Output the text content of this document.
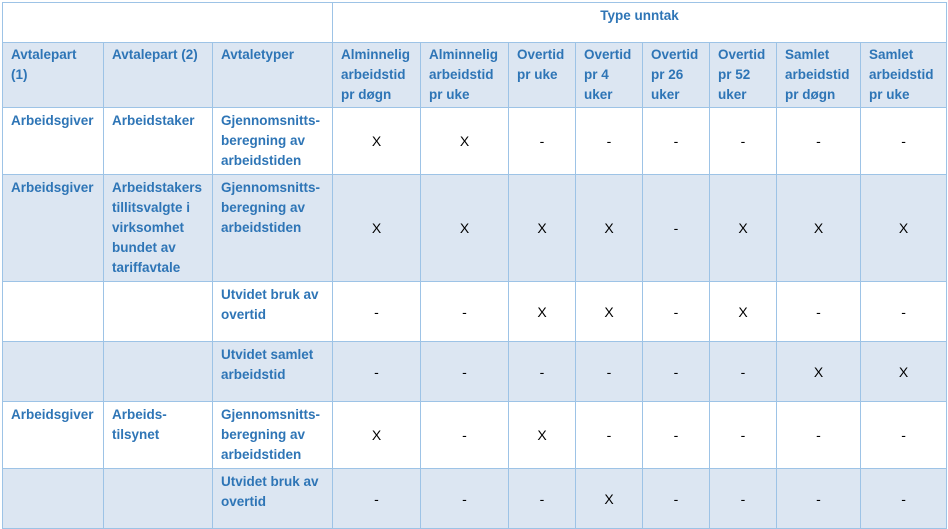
			Type unntak							
Avtalepart (1)	Avtalepart (2)	Avtaletyper	Alminnelig arbeidstid pr døgn	Alminnelig arbeidstid pr uke	Overtid pr uke	Overtid pr 4 uker	Overtid pr 26 uker	Overtid pr 52 uker	Samlet arbeidstid pr døgn	Samlet arbeidstid pr uke
Arbeidsgiver	Arbeidstaker	Gjennomsnitts-beregning av arbeidstiden	X	X	-	-	-	-	-	-
Arbeidsgiver	Arbeidstakers tillitsvalgte i virksomhet bundet av tariffavtale	Gjennomsnitts-beregning av arbeidstiden	X	X	X	X	-	X	X	X
		Utvidet bruk av overtid	-	-	X	X	-	X	-	-
		Utvidet samlet arbeidstid	-	-	-	-	-	-	X	X
Arbeidsgiver	Arbeids-tilsynet	Gjennomsnitts-beregning av arbeidstiden	X	-	X	-	-	-	-	-
		Utvidet bruk av overtid	-	-	-	X	-	-	-	-
